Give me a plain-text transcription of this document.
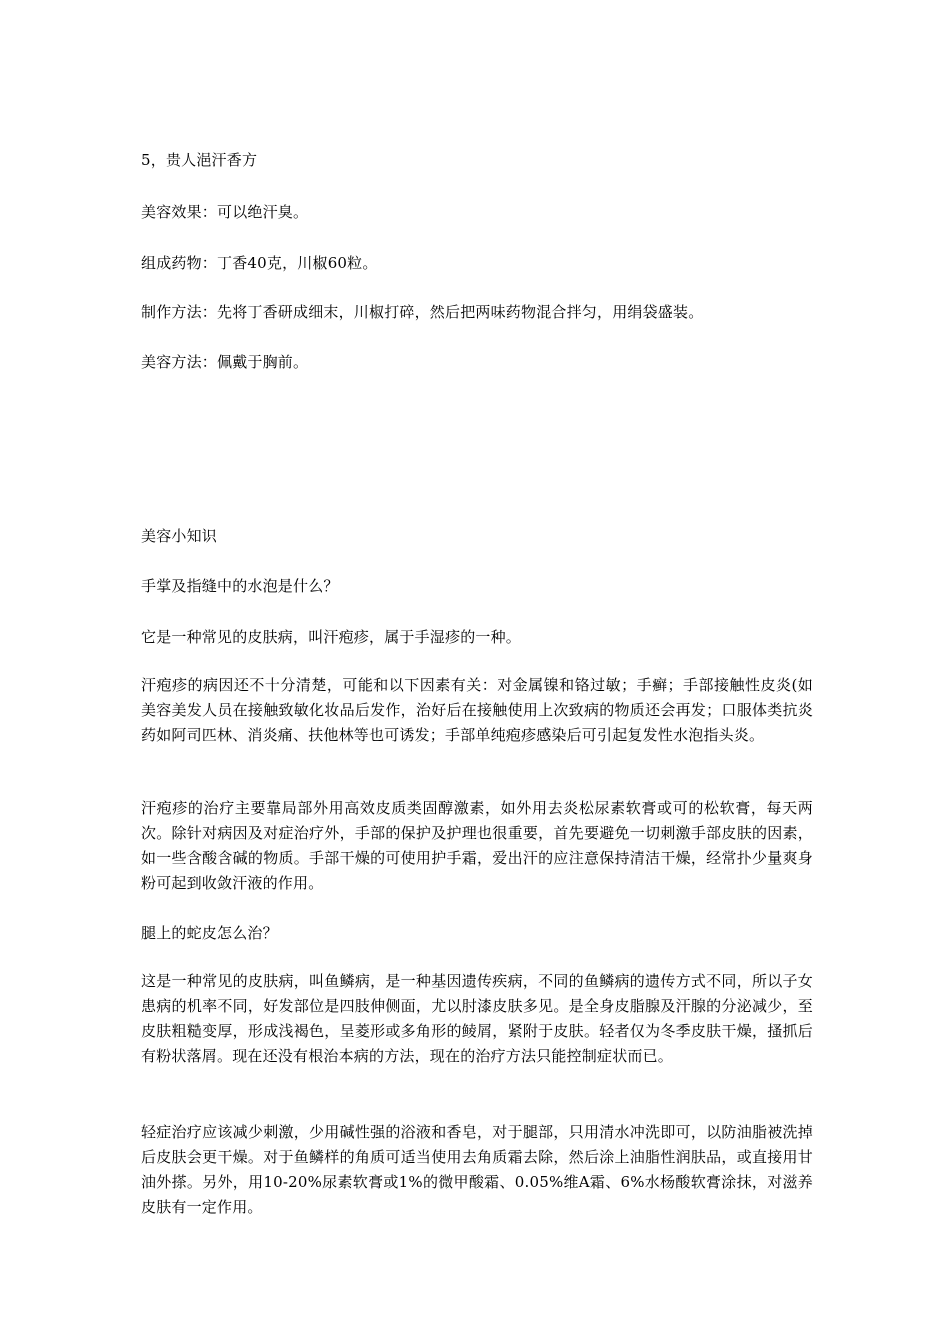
5，贵人浥汗香方

美容效果：可以绝汗臭。

组成药物：丁香40克，川椒60粒。

制作方法：先将丁香研成细末，川椒打碎，然后把两味药物混合拌匀，用绢袋盛装。

美容方法：佩戴于胸前。

美容小知识

手掌及指缝中的水泡是什么？

它是一种常见的皮肤病，叫汗疱疹，属于手湿疹的一种。

汗疱疹的病因还不十分清楚，可能和以下因素有关：对金属镍和铬过敏；手癣；手部接触性皮炎(如美容美发人员在接触致敏化妆品后发作，治好后在接触使用上次致病的物质还会再发；口服体类抗炎药如阿司匹林、消炎痛、扶他林等也可诱发；手部单纯疱疹感染后可引起复发性水泡指头炎。

汗疱疹的治疗主要靠局部外用高效皮质类固醇激素，如外用去炎松尿素软膏或可的松软膏，每天两次。除针对病因及对症治疗外，手部的保护及护理也很重要，首先要避免一切刺激手部皮肤的因素，如一些含酸含碱的物质。手部干燥的可使用护手霜，爱出汗的应注意保持清洁干燥，经常扑少量爽身粉可起到收敛汗液的作用。

腿上的蛇皮怎么治？

这是一种常见的皮肤病，叫鱼鳞病，是一种基因遗传疾病，不同的鱼鳞病的遗传方式不同，所以子女患病的机率不同，好发部位是四肢伸侧面，尤以肘漆皮肤多见。是全身皮脂腺及汗腺的分泌减少，至皮肤粗糙变厚，形成浅褐色，呈菱形或多角形的鲮屑，紧附于皮肤。轻者仅为冬季皮肤干燥，搔抓后有粉状落屑。现在还没有根治本病的方法，现在的治疗方法只能控制症状而已。

轻症治疗应该减少刺激，少用碱性强的浴液和香皂，对于腿部，只用清水冲洗即可，以防油脂被洗掉后皮肤会更干燥。对于鱼鳞样的角质可适当使用去角质霜去除，然后涂上油脂性润肤品，或直接用甘油外搽。另外，用10-20%尿素软膏或1%的微甲酸霜、0.05%维A霜、6%水杨酸软膏涂抹，对滋养皮肤有一定作用。
